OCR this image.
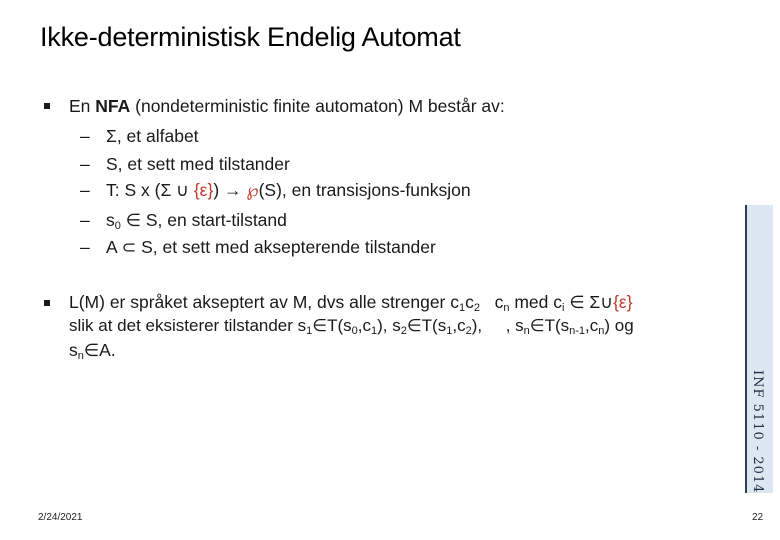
Ikke-deterministisk Endelig Automat
En NFA (nondeterministic finite automaton) M består av:
– Σ, et alfabet
– S, et sett med tilstander
– T: S x (Σ ∪ {ε}) → ℘(S), en transisjons-funksjon
– $s_0$ ∈ S, en start-tilstand
– A ⊂ S, et sett med aksepterende tilstander
L(M) er språket akseptert av M, dvs alle strenger $c_1c_2$   $c_n$ med $c_i$ ∈ Σ∪{ε}
slik at det eksisterer tilstander $s_1\in T(s_0,c_1)$, $s_2\in T(s_1,c_2)$,     , $s_n\in T(s_{n-1},c_n)$ og
$s_n\in A$.
INF 5110 - 2014
2/24/2021	22
